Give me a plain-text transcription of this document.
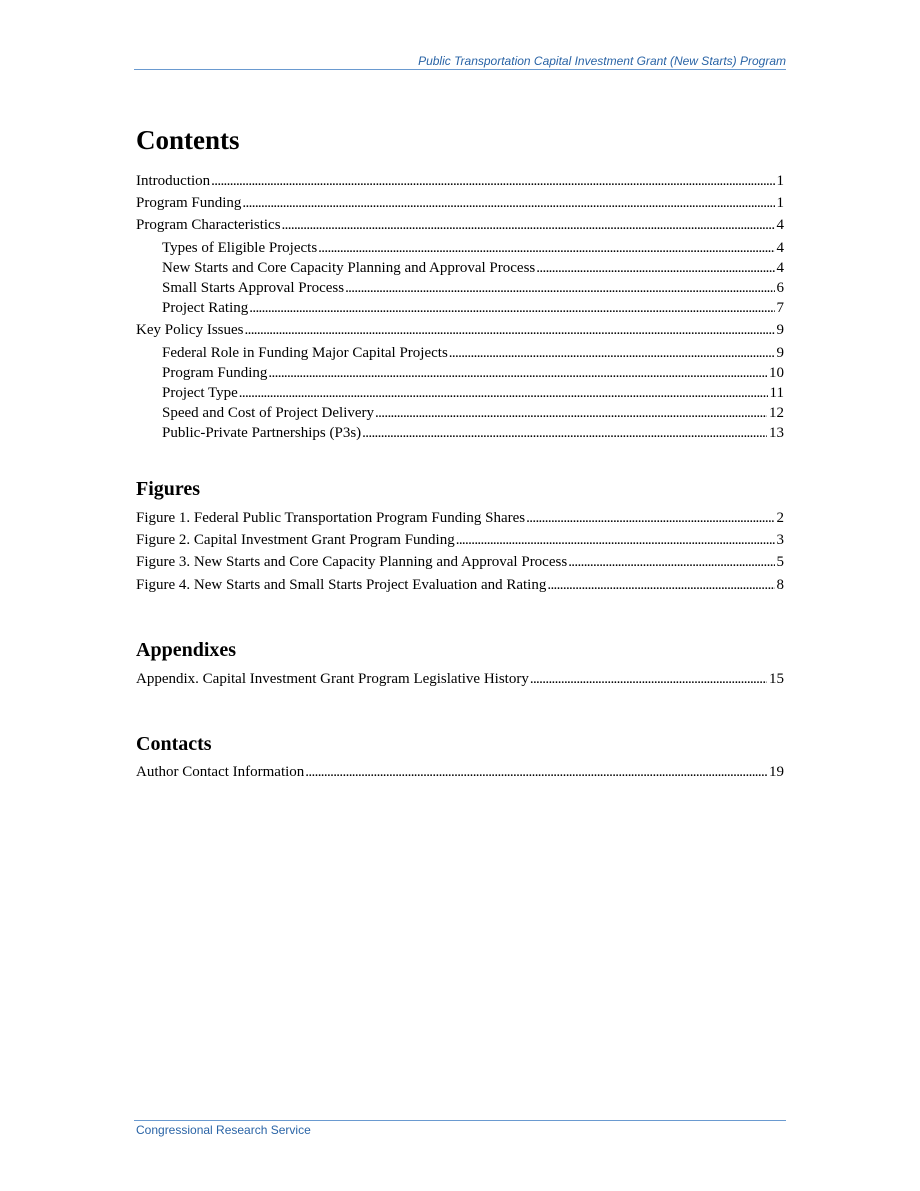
Public Transportation Capital Investment Grant (New Starts) Program
Contents
Introduction . . .	1
Program Funding . . .	1
Program Characteristics . . .	4
Types of Eligible Projects . . .	4
New Starts and Core Capacity Planning and Approval Process . . .	4
Small Starts Approval Process . . .	6
Project Rating . . .	7
Key Policy Issues . . .	9
Federal Role in Funding Major Capital Projects . . .	9
Program Funding . . .	10
Project Type . . .	11
Speed and Cost of Project Delivery . . .	12
Public-Private Partnerships (P3s) . . .	13
Figures
Figure 1. Federal Public Transportation Program Funding Shares . . .	2
Figure 2. Capital Investment Grant Program Funding . . .	3
Figure 3. New Starts and Core Capacity Planning and Approval Process . . .	5
Figure 4. New Starts and Small Starts Project Evaluation and Rating . . .	8
Appendixes
Appendix. Capital Investment Grant Program Legislative History . . .	15
Contacts
Author Contact Information . . .	19
Congressional Research Service
